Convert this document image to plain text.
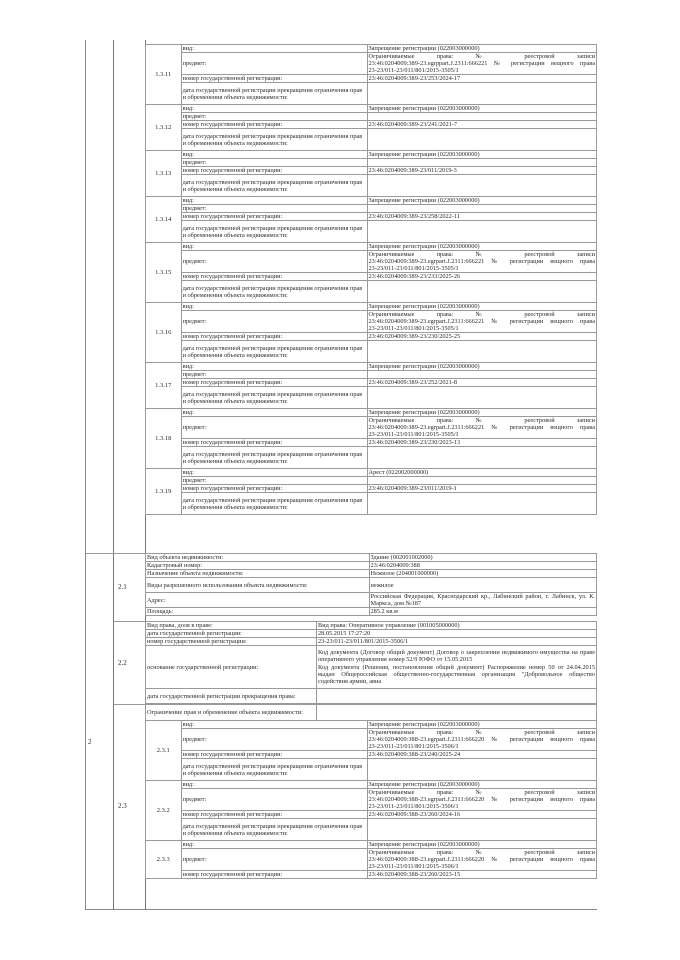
1.3.11	вид:	Запрещение регистрации (022003000000)
	предмет:	Ограничиваемые права: № реестровой записи
23:46:0204009:389-23.egrppart.J.2311:666221 № регистрации вещного права
23-23/011-23/011/801/2015-3505/1

	номер государственной регистрации:	23:46:0204009:389-23/253/2024-17
	дата государственной регистрации прекращения ограничения прав и обременения объекта недвижимости:	
1.3.12	вид:	Запрещение регистрации (022003000000)
	предмет:	
	номер государственной регистрации:	23:46:0204009:389-23/241/2021-7
	дата государственной регистрации прекращения ограничения прав и обременения объекта недвижимости:	
1.3.13	вид:	Запрещение регистрации (022003000000)
	предмет:	
	номер государственной регистрации:	23:46:0204009:389-23/011/2019-3
	дата государственной регистрации прекращения ограничения прав и обременения объекта недвижимости:	
1.3.14	вид:	Запрещение регистрации (022003000000)
	предмет:	
	номер государственной регистрации:	23:46:0204009:389-23/258/2022-11
	дата государственной регистрации прекращения ограничения прав и обременения объекта недвижимости:	
1.3.15	вид:	Запрещение регистрации (022003000000)
	предмет:	Ограничиваемые права: № реестровой записи
23:46:0204009:389-23.egrpart.J.2311:666221 № регистрации вещного права
23-23/011-23/011/801/2015-3505/1

	номер государственной регистрации:	23:46:0204009:389-23/233/2025-26
	дата государственной регистрации прекращения ограничения прав и обременения объекта недвижимости:	
1.3.16	вид:	Запрещение регистрации (022003000000)
	предмет:	Ограничиваемые права: № реестровой записи
23:46:0204009:389-23.egrpart.J.2311:666221 № регистрации вещного права
23-23/011-23/011/801/2015-3505/1

	номер государственной регистрации:	23:46:0204009:389-23/230/2025-25
	дата государственной регистрации прекращения ограничения прав и обременения объекта недвижимости:	
1.3.17	вид:	Запрещение регистрации (022003000000)
	предмет:	
	номер государственной регистрации:	23:46:0204009:389-23/252/2021-8
	дата государственной регистрации прекращения ограничения прав и обременения объекта недвижимости:	
1.3.18	вид:	Запрещение регистрации (022003000000)
	предмет:	Ограничиваемые права: № реестровой записи
23:46:0204009:389-23.egrpart.J.2311:666221 № регистрации вещного права
23-23/011-23/011/801/2015-3505/1

	номер государственной регистрации:	23:46:0204009:389-23/230/2023-13
	дата государственной регистрации прекращения ограничения прав и обременения объекта недвижимости:	
1.3.19	вид:	Арест (022002000000)
	предмет:	
	номер государственной регистрации:	23:46:0204009:389-23/011/2019-1
	дата государственной регистрации прекращения ограничения прав и обременения объекта недвижимости:	
2
2.1
Вид объекта недвижимости:	Здание (002001002000)
Кадастровый номер:	23:46:0204009:388
Назначение объекта недвижимости:	Нежилое (204001000000)
Виды разрешенного использования объекта недвижимости:	нежилое
Адрес:	Российская Федерация, Краснодарский кр., Лабинский район, г. Лабинск, ул. К. Маркса, дом №187
Площадь:	285.2 кв.м
2.2
Вид права, доля в праве:	Вид права: Оперативное управление (001005000000)
дата государственной регистрации:	28.05.2015 17:27:20
номер государственной регистрации:	23-23/011-23/011/801/2015-3506/1
основание государственной регистрации:	Код документа (Договор общий документ) Договор о закреплении недвижимого имущества на праве оперативного управления номер 52/9 ЮФО от 15.05.2015
Код документа (Решения, постановления общий документ) Распоряжение номер 50 от 24.04.2015 выдан Общероссийская общественно-государственная организация "Добровольное общество содействия армии, авиа

дата государственной регистрации прекращения права:	
2.3
Ограничение прав и обременение объекта недвижимости:	
2.3.1	вид:	Запрещение регистрации (022003000000)
	предмет:	Ограничиваемые права: № реестровой записи
23:46:0204009:388-23.egrpart.J.2311:666220 № регистрации вещного права
23-23/011-23/011/801/2015-3506/1

	номер государственной регистрации:	23:46:0204009:388-23/240/2025-24
	дата государственной регистрации прекращения ограничения прав и обременения объекта недвижимости:	
2.3.2	вид:	Запрещение регистрации (022003000000)
	предмет:	Ограничиваемые права: № реестровой записи
23:46:0204009:388-23.egrpart.J.2311:666220 № регистрации вещного права
23-23/011-23/011/801/2015-3506/1

	номер государственной регистрации:	23:46:0204009:388-23/260/2024-16
	дата государственной регистрации прекращения ограничения прав и обременения объекта недвижимости:	
2.3.3	вид:	Запрещение регистрации (022003000000)
	предмет:	Ограничиваемые права: № реестровой записи
23:46:0204009:388-23.egrpart.J.2311:666220 № регистрации вещного права
23-23/011-23/011/801/2015-3506/1

	номер государственной регистрации:	23:46:0204009:388-23/260/2023-15
